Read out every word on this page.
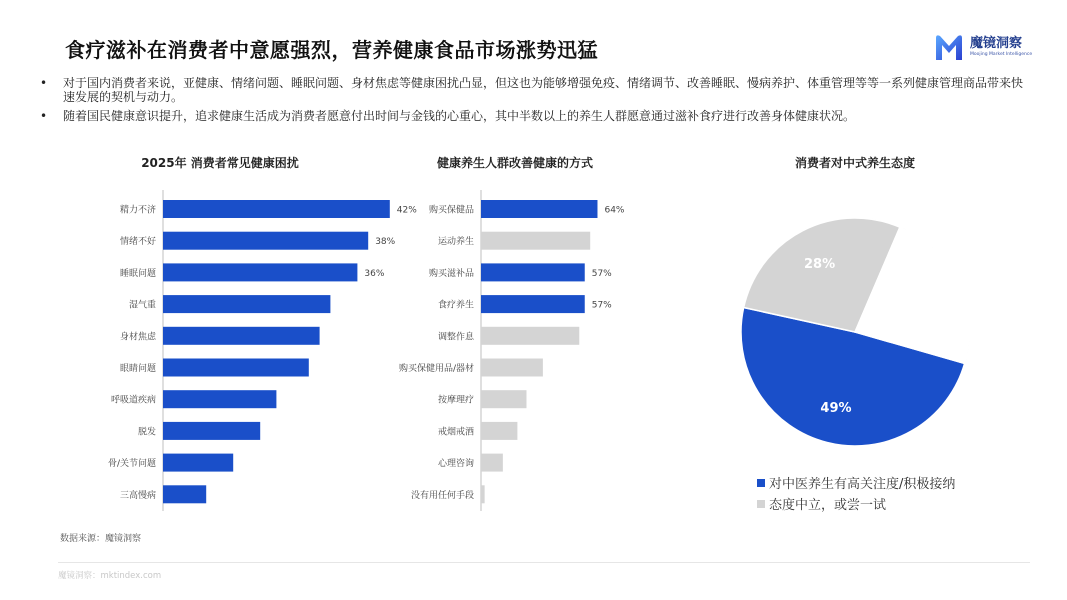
食疗滋补在消费者中意愿强烈，营养健康食品市场涨势迅猛	魔镜洞察
Moojing Market Intelligence
• 对于国内消费者来说，亚健康、情绪问题、睡眠问题、身材焦虑等健康困扰凸显，但这也为能够增强免疫、情绪调节、改善睡眠、慢病养护、体重管理等等一系列健康管理商品带来快速发展的契机与动力。
• 随着国民健康意识提升，追求健康生活成为消费者愿意付出时间与金钱的心重心，其中半数以上的养生人群愿意通过滋补食疗进行改善身体健康状况。
2025年 消费者常见健康困扰	健康养生人群改善健康的方式	消费者对中式养生态度
精力不济	42%
情绪不好	38%
睡眠问题	36%
湿气重
身材焦虑
眼睛问题
呼吸道疾病
脱发
骨/关节问题
三高慢病
购买保健品	64%
运动养生
购买滋补品	57%
食疗养生	57%
调整作息
购买保健用品/器材
按摩理疗
戒烟戒酒
心理咨询
没有用任何手段
49%
28%
对中医养生有高关注度/积极接纳
态度中立，或尝一试
数据来源：魔镜洞察
魔镜洞察：mktindex.com
